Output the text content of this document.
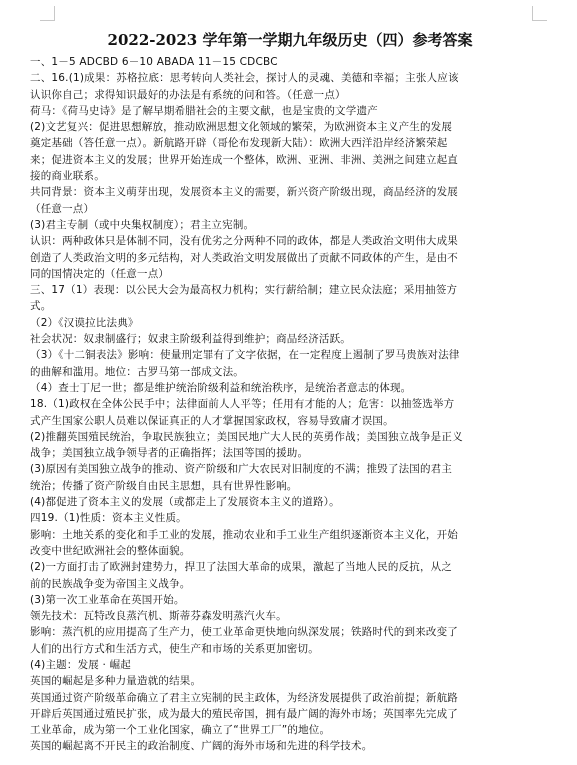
2022-2023 学年第一学期九年级历史（四）参考答案
一、1－5 ADCBD 6－10 ABADA 11－15 CDCBC
二、16.(1)成果：苏格拉底：思考转向人类社会，探讨人的灵魂、美德和幸福；主张人应该
认识你自己；求得知识最好的办法是有系统的问和答。（任意一点）
荷马：《荷马史诗》是了解早期希腊社会的主要文献，也是宝贵的文学遗产
(2)文艺复兴：促进思想解放，推动欧洲思想文化领域的繁荣，为欧洲资本主义产生的发展
奠定基础（答任意一点）。新航路开辟（哥伦布发现新大陆）：欧洲大西洋沿岸经济繁荣起
来；促进资本主义的发展；世界开始连成一个整体，欧洲、亚洲、非洲、美洲之间建立起直
接的商业联系。
共同背景：资本主义萌芽出现，发展资本主义的需要，新兴资产阶级出现，商品经济的发展
（任意一点）
(3)君主专制（或中央集权制度）；君主立宪制。
认识：两种政体只是体制不同，没有优劣之分两种不同的政体，都是人类政治文明伟大成果
创造了人类政治文明的多元结构，对人类政治文明发展做出了贡献不同政体的产生，是由不
同的国情决定的（任意一点）
三、17（1）表现：以公民大会为最高权力机构；实行薪给制；建立民众法庭；采用抽签方
式。
（2）《汉谟拉比法典》
社会状况：奴隶制盛行；奴隶主阶级利益得到维护；商品经济活跃。
（3）《十二铜表法》影响：使量刑定罪有了文字依据，在一定程度上遏制了罗马贵族对法律
的曲解和滥用。地位：古罗马第一部成文法。
（4）查士丁尼一世；都是维护统治阶级利益和统治秩序，是统治者意志的体现。
18.（1)政权在全体公民手中；法律面前人人平等；任用有才能的人；危害：以抽签选举方
式产生国家公职人员难以保证真正的人才掌握国家政权，容易导致庸才误国。
(2)推翻英国殖民统治，争取民族独立；美国民地广大人民的英勇作战；美国独立战争是正义
战争；美国独立战争领导者的正确指挥；法国等国的援助。
(3)原因有美国独立战争的推动、资产阶级和广大农民对旧制度的不满；推毁了法国的君主
统治；传播了资产阶级自由民主思想，具有世界性影响。
(4)都促进了资本主义的发展（或都走上了发展资本主义的道路）。
四19.（1)性质：资本主义性质。
影响：土地关系的变化和手工业的发展，推动农业和手工业生产组织逐渐资本主义化，开始
改变中世纪欧洲社会的整体面貌。
(2)一方面打击了欧洲封建势力，捍卫了法国大革命的成果，激起了当地人民的反抗，从之
前的民族战争变为帝国主义战争。
(3)第一次工业革命在英国开始。
领先技术：瓦特改良蒸汽机、斯蒂芬森发明蒸汽火车。
影响：蒸汽机的应用提高了生产力，使工业革命更快地向纵深发展；铁路时代的到来改变了
人们的出行方式和生活方式，使生产和市场的关系更加密切。
(4)主题：发展 · 崛起
英国的崛起是多种力量造就的结果。
英国通过资产阶级革命确立了君主立宪制的民主政体，为经济发展提供了政治前提；新航路
开辟后英国通过殖民扩张，成为最大的殖民帝国，拥有最广阔的海外市场；英国率先完成了
工业革命，成为第一个工业化国家，确立了“世界工厂”的地位。
英国的崛起离不开民主的政治制度、广阔的海外市场和先进的科学技术。
